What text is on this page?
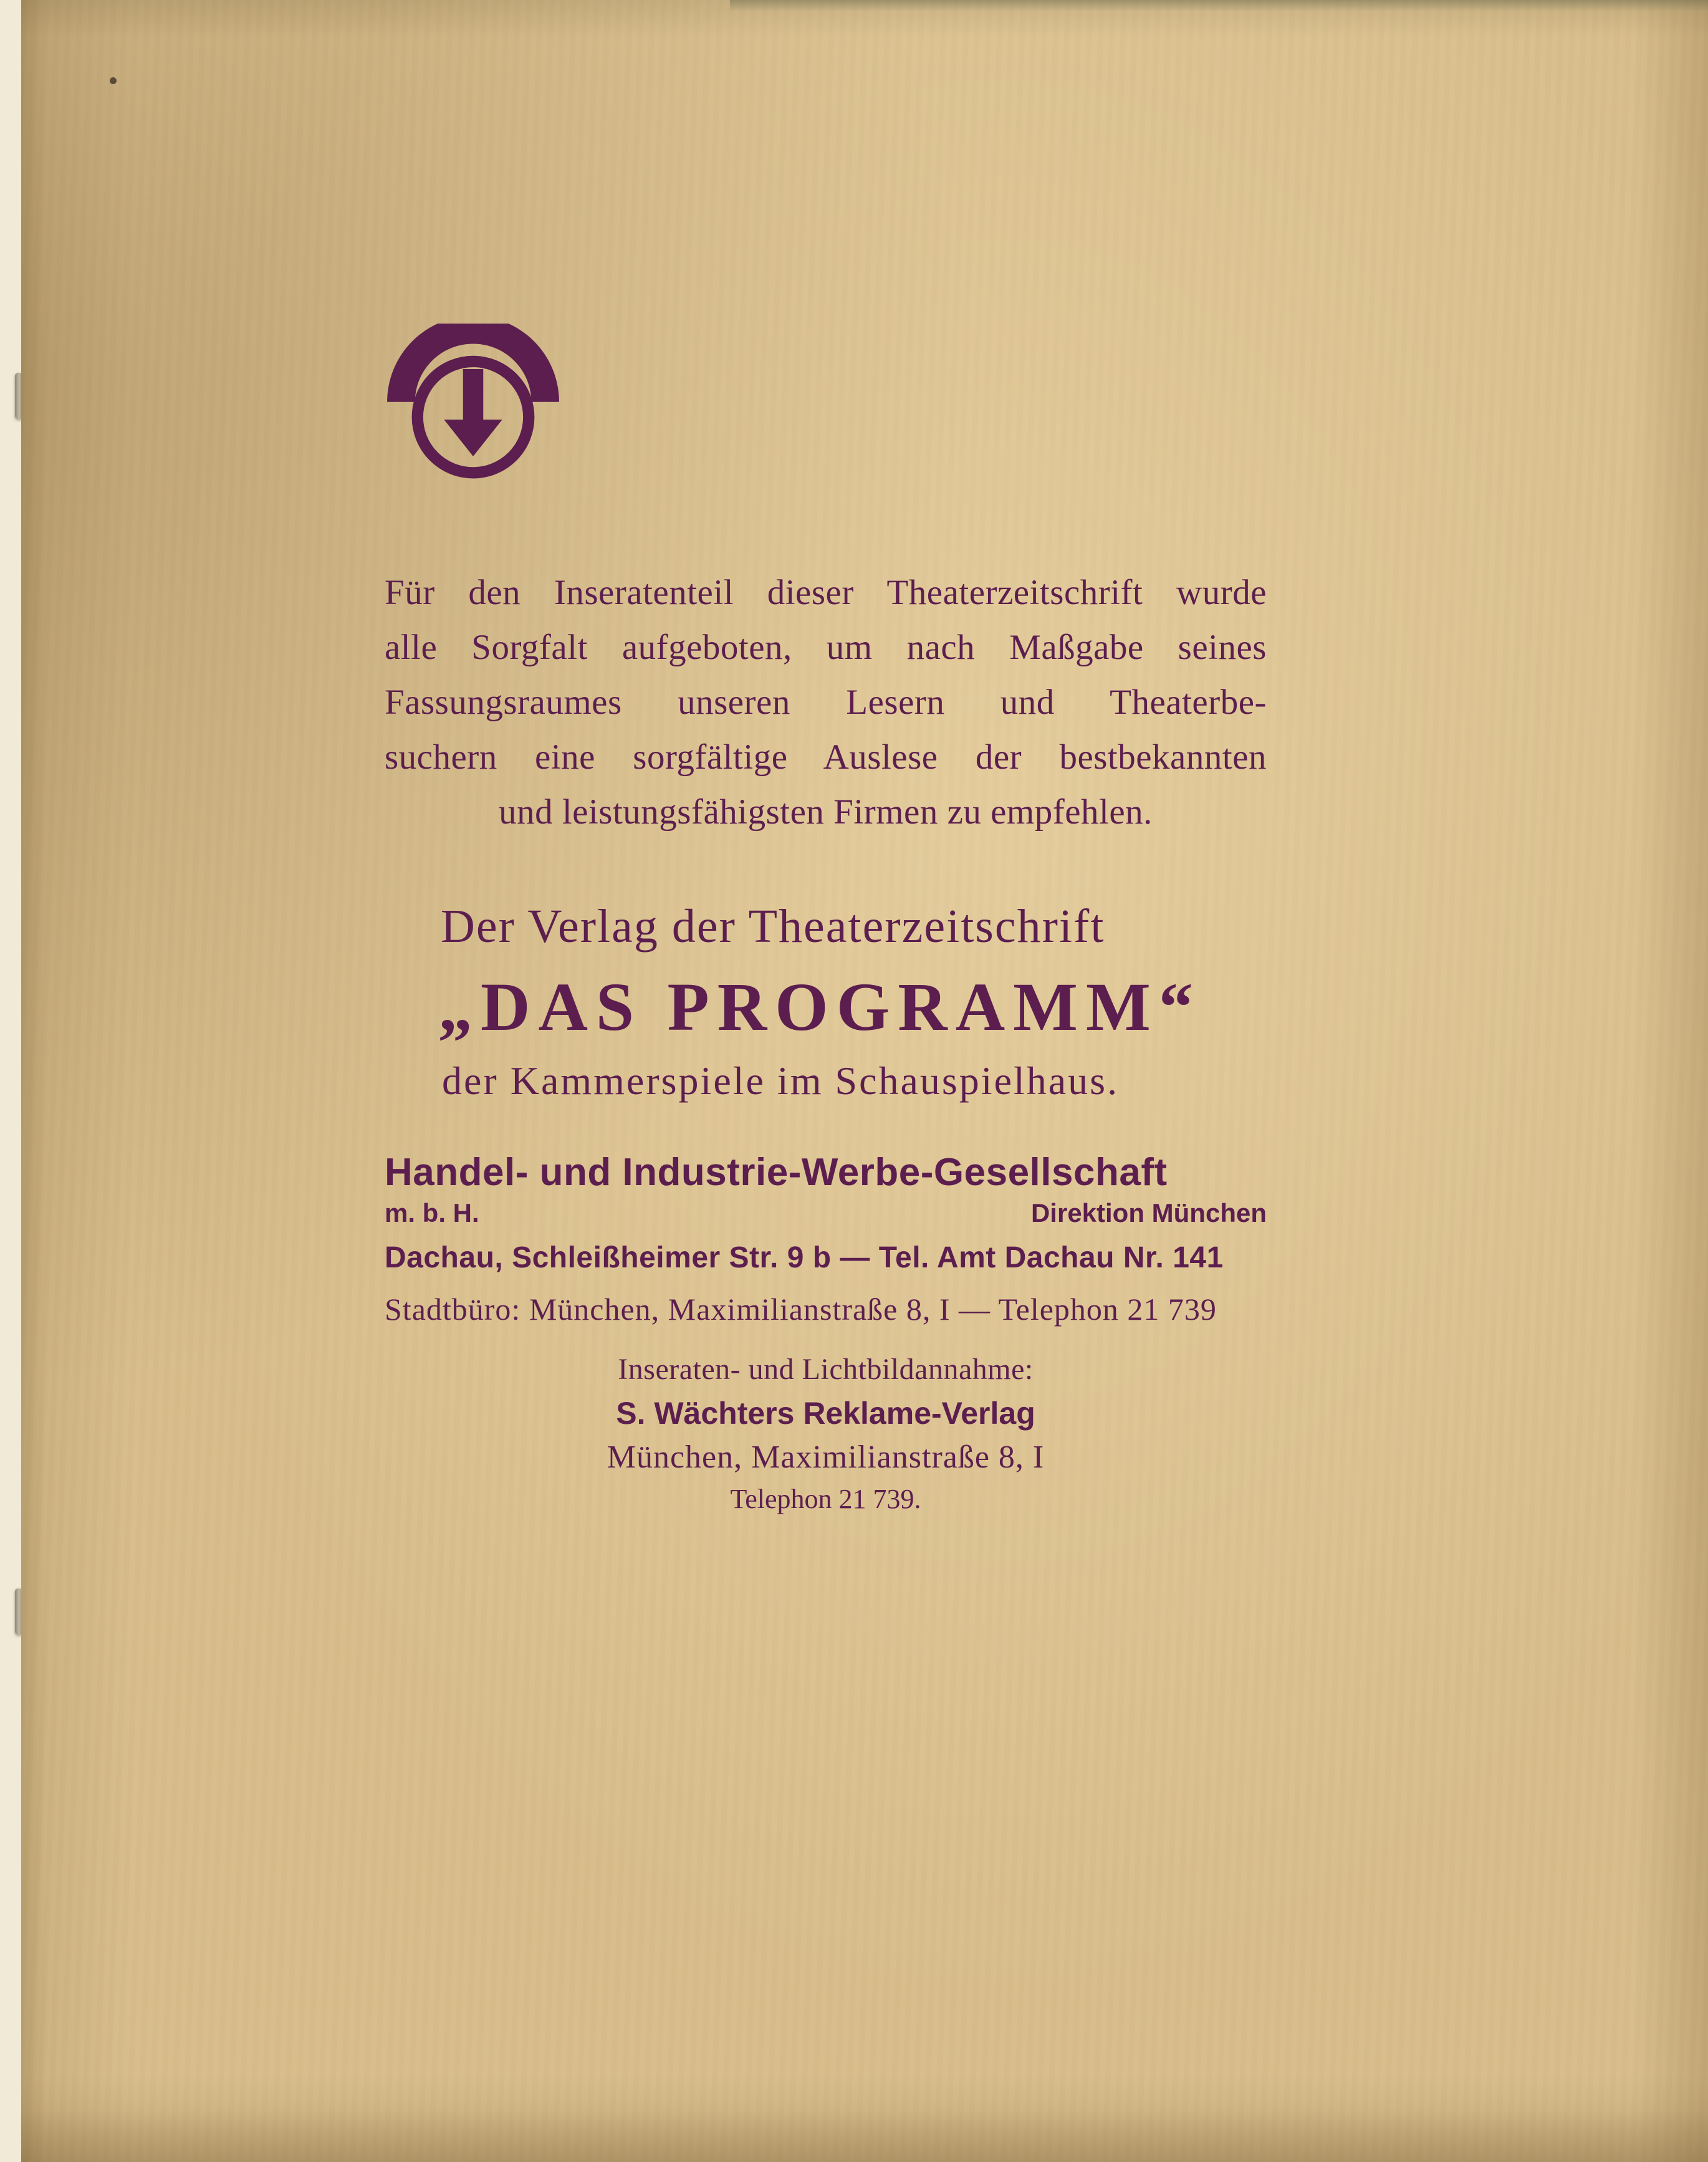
Für den Inseratenteil dieser Theaterzeitschrift wurde
alle Sorgfalt aufgeboten, um nach Maßgabe seines
Fassungsraumes unseren Lesern und Theaterbe-
suchern eine sorgfältige Auslese der bestbekannten
und leistungsfähigsten Firmen zu empfehlen.
Der Verlag der Theaterzeitschrift
„DAS PROGRAMM“
der Kammerspiele im Schauspielhaus.
Handel- und Industrie-Werbe-Gesellschaft
m. b. H.	Direktion München
Dachau, Schleißheimer Str. 9 b — Tel. Amt Dachau Nr. 141
Stadtbüro: München, Maximilianstraße 8, I — Telephon 21 739
Inseraten- und Lichtbildannahme:
S. Wächters Reklame-Verlag
München, Maximilianstraße 8, I
Telephon 21 739.
